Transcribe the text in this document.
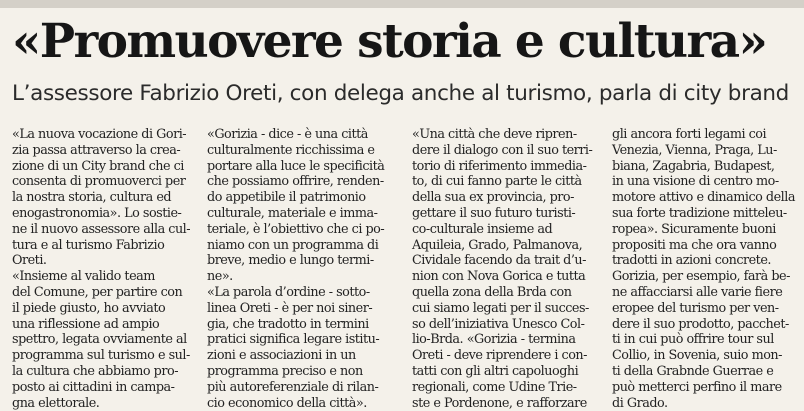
«Promuovere storia e cultura»
L’assessore Fabrizio Oreti, con delega anche al turismo, parla di city brand
«La nuova vocazione di Gori-
zia passa attraverso la crea-
zione di un City brand che ci
consenta di promuoverci per
la nostra storia, cultura ed
enogastronomia». Lo sostie-
ne il nuovo assessore alla cul-
tura e al turismo Fabrizio
Oreti.
«Insieme al valido team
del Comune, per partire con
il piede giusto, ho avviato
una riflessione ad ampio
spettro, legata ovviamente al
programma sul turismo e sul-
la cultura che abbiamo pro-
posto ai cittadini in campa-
gna elettorale.
«Gorizia - dice - è una città
culturalmente ricchissima e
portare alla luce le specificità
che possiamo offrire, renden-
do appetibile il patrimonio
culturale, materiale e imma-
teriale, è l’obiettivo che ci po-
niamo con un programma di
breve, medio e lungo termi-
ne».
«La parola d’ordine - sotto-
linea Oreti - è per noi siner-
gia, che tradotto in termini
pratici significa legare istitu-
zioni e associazioni in un
programma preciso e non
più autoreferenziale di rilan-
cio economico della città».
«Una città che deve ripren-
dere il dialogo con il suo terri-
torio di riferimento immedia-
to, di cui fanno parte le città
della sua ex provincia, pro-
gettare il suo futuro turisti-
co-culturale insieme ad
Aquileia, Grado, Palmanova,
Cividale facendo da trait d’u-
nion con Nova Gorica e tutta
quella zona della Brda con
cui siamo legati per il succes-
so dell’iniziativa Unesco Col-
lio-Brda. «Gorizia - termina
Oreti - deve riprendere i con-
tatti con gli altri capoluoghi
regionali, come Udine Trie-
ste e Pordenone, e rafforzare
gli ancora forti legami coi
Venezia, Vienna, Praga, Lu-
biana, Zagabria, Budapest,
in una visione di centro mo-
motore attivo e dinamico della
sua forte tradizione mitteleu-
ropea». Sicuramente buoni
propositi ma che ora vanno
tradotti in azioni concrete.
Gorizia, per esempio, farà be-
ne affacciarsi alle varie fiere
eropee del turismo per ven-
dere il suo prodotto, pacchet-
ti in cui può offrire tour sul
Collio, in Sovenia, suio mon-
ti della Grabnde Guerrae e
può metterci perfino il mare
di Grado.
